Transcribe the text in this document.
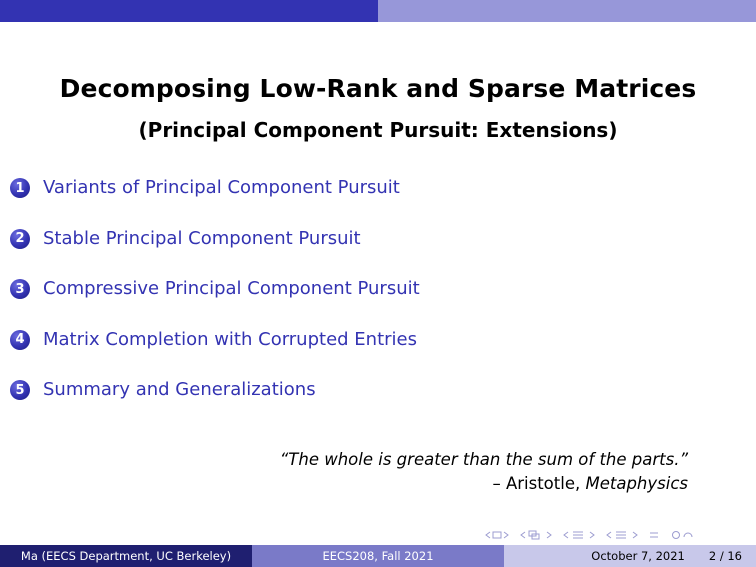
Decomposing Low-Rank and Sparse Matrices
(Principal Component Pursuit: Extensions)
1	Variants of Principal Component Pursuit
2	Stable Principal Component Pursuit
3	Compressive Principal Component Pursuit
4	Matrix Completion with Corrupted Entries
5	Summary and Generalizations
“The whole is greater than the sum of the parts.”
– Aristotle, Metaphysics
Ma (EECS Department, UC Berkeley)	EECS208, Fall 2021	October 7, 2021 2 / 16
